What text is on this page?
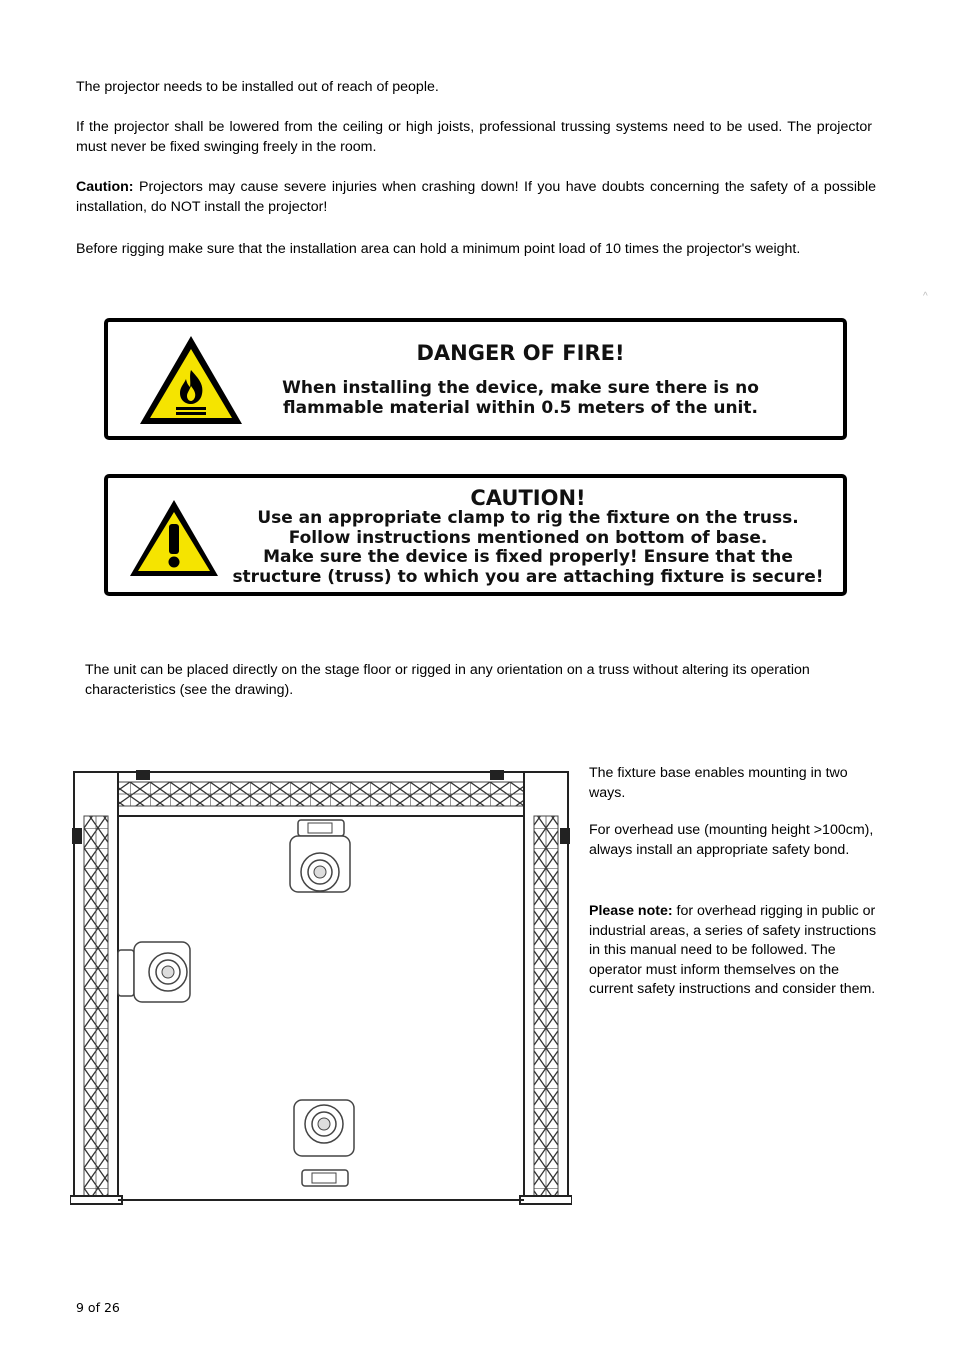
The projector needs to be installed out of reach of people.

If the projector shall be lowered from the ceiling or high joists, professional trussing systems need to be used. The projector must never be fixed swinging freely in the room.

Caution: Projectors may cause severe injuries when crashing down! If you have doubts concerning the safety of a possible installation, do NOT install the projector!

Before rigging make sure that the installation area can hold a minimum point load of 10 times the projector's weight.

^
DANGER OF FIRE!
When installing the device, make sure there is no
flammable material within 0.5 meters of the unit.
CAUTION!
Use an appropriate clamp to rig the fixture on the truss.
Follow instructions mentioned on bottom of base.
Make sure the device is fixed properly! Ensure that the
structure (truss) to which you are attaching fixture is secure!

The unit can be placed directly on the stage floor or rigged in any orientation on a truss without altering its operation characteristics (see the drawing).

The fixture base enables mounting in two ways.

For overhead use (mounting height >100cm), always install an appropriate safety bond.

Please note: for overhead rigging in public or industrial areas, a series of safety instructions in this manual need to be followed. The operator must inform themselves on the current safety instructions and consider them.

9 of 26
